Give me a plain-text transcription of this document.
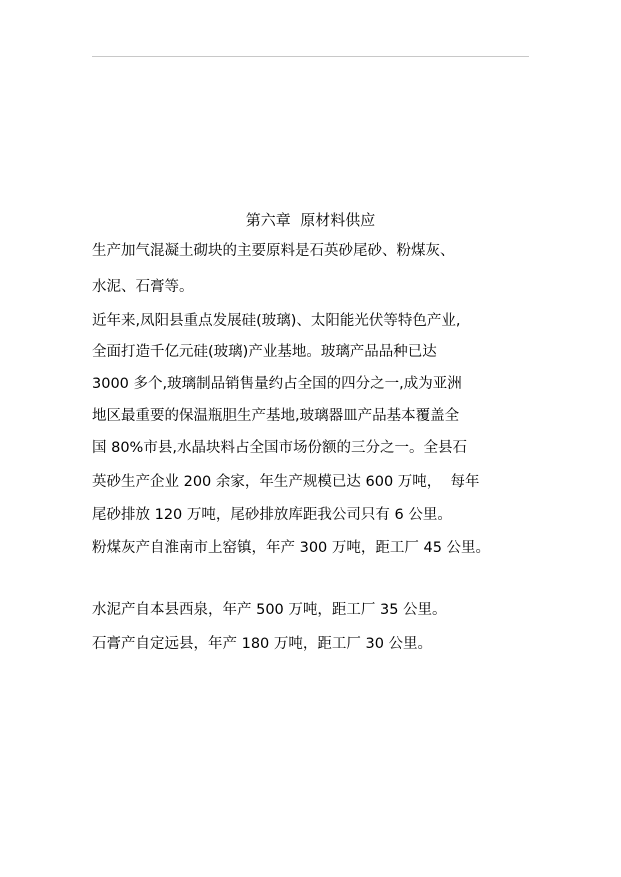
第六章  原材料供应
生产加气混凝土砌块的主要原料是石英砂尾砂、粉煤灰、
水泥、石膏等。
近年来,凤阳县重点发展硅(玻璃)、太阳能光伏等特色产业,
全面打造千亿元硅(玻璃)产业基地。玻璃产品品种已达
3000 多个,玻璃制品销售量约占全国的四分之一,成为亚洲
地区最重要的保温瓶胆生产基地,玻璃器皿产品基本覆盖全
国 80%市县,水晶块料占全国市场份额的三分之一。全县石
英砂生产企业 200 余家，年生产规模已达 600 万吨，  每年
尾砂排放 120 万吨，尾砂排放库距我公司只有 6 公里。
粉煤灰产自淮南市上窑镇，年产 300 万吨，距工厂 45 公里。
水泥产自本县西泉，年产 500 万吨，距工厂 35 公里。
石膏产自定远县，年产 180 万吨，距工厂 30 公里。
